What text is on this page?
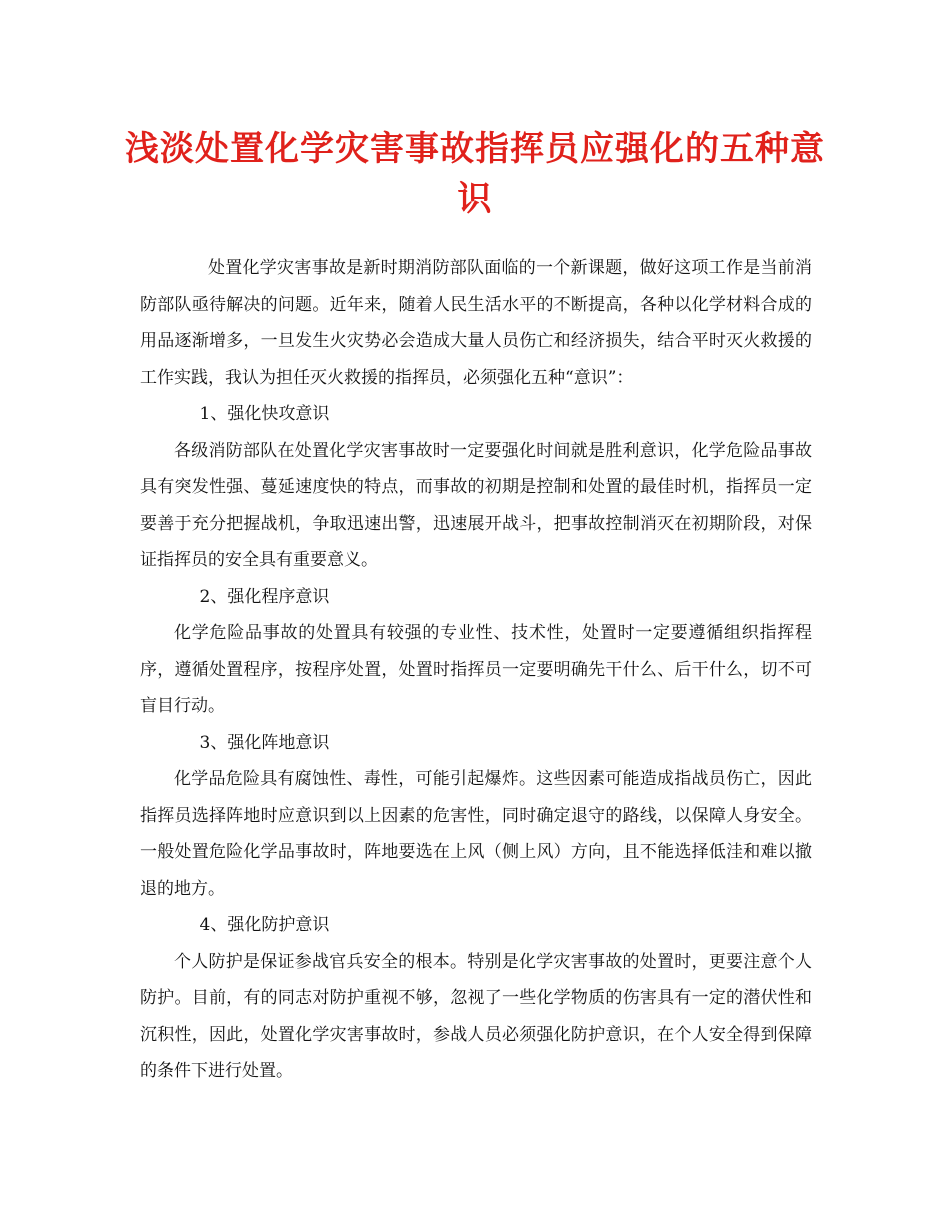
浅淡处置化学灾害事故指挥员应强化的五种意识

处置化学灾害事故是新时期消防部队面临的一个新课题，做好这项工作是当前消防部队亟待解决的问题。近年来，随着人民生活水平的不断提高，各种以化学材料合成的用品逐渐增多，一旦发生火灾势必会造成大量人员伤亡和经济损失，结合平时灭火救援的工作实践，我认为担任灭火救援的指挥员，必须强化五种“意识”：

1、强化快攻意识

各级消防部队在处置化学灾害事故时一定要强化时间就是胜利意识，化学危险品事故具有突发性强、蔓延速度快的特点，而事故的初期是控制和处置的最佳时机，指挥员一定要善于充分把握战机，争取迅速出警，迅速展开战斗，把事故控制消灭在初期阶段，对保证指挥员的安全具有重要意义。

2、强化程序意识

化学危险品事故的处置具有较强的专业性、技术性，处置时一定要遵循组织指挥程序，遵循处置程序，按程序处置，处置时指挥员一定要明确先干什么、后干什么，切不可盲目行动。

3、强化阵地意识

化学品危险具有腐蚀性、毒性，可能引起爆炸。这些因素可能造成指战员伤亡，因此指挥员选择阵地时应意识到以上因素的危害性，同时确定退守的路线，以保障人身安全。一般处置危险化学品事故时，阵地要选在上风（侧上风）方向，且不能选择低洼和难以撤退的地方。

4、强化防护意识

个人防护是保证参战官兵安全的根本。特别是化学灾害事故的处置时，更要注意个人防护。目前，有的同志对防护重视不够，忽视了一些化学物质的伤害具有一定的潜伏性和沉积性，因此，处置化学灾害事故时，参战人员必须强化防护意识，在个人安全得到保障的条件下进行处置。
